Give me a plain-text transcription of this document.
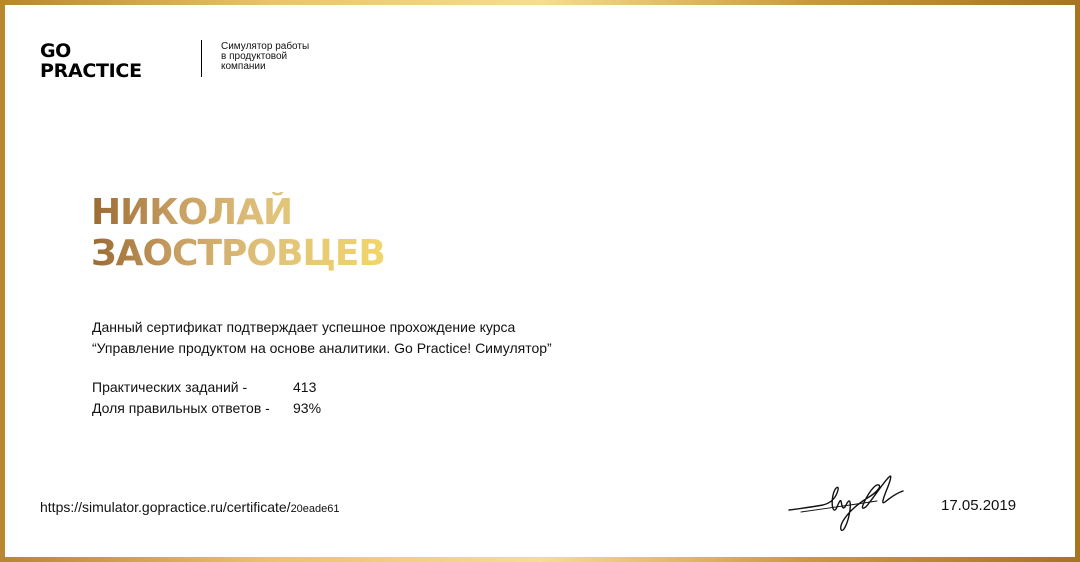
GO
PRACTICE
Симулятор работы
в продуктовой
компании
НИКОЛАЙ
ЗАОСТРОВЦЕВ
Данный сертификат подтверждает успешное прохождение курса
“Управление продуктом на основе аналитики. Go Practice! Симулятор”
Практических заданий -	413
Доля правильных ответов - 93%
https://simulator.gopractice.ru/certificate/20eade61	17.05.2019
